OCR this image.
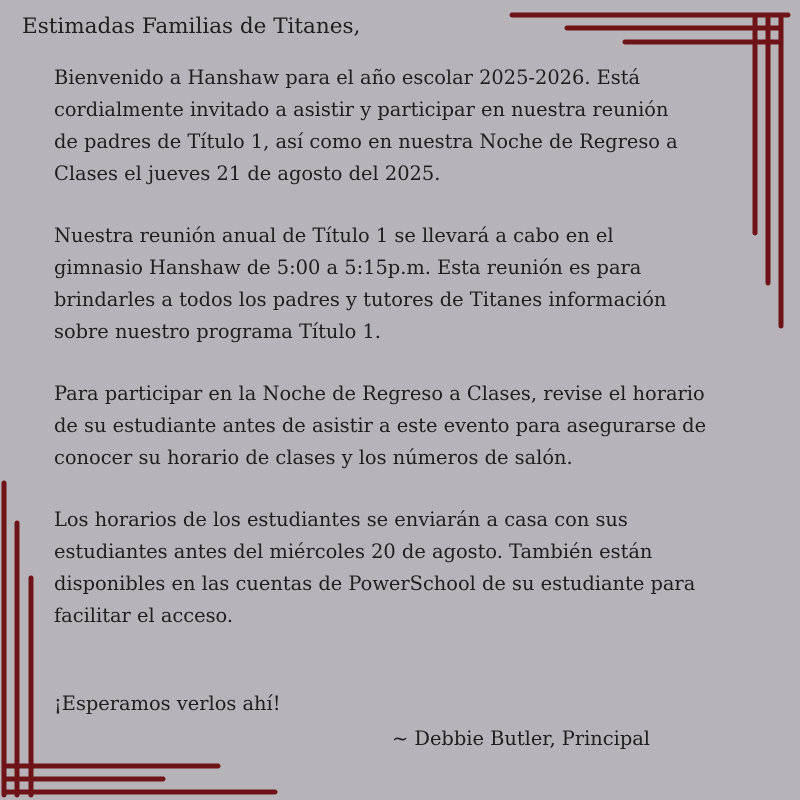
Estimadas Familias de Titanes,

Bienvenido a Hanshaw para el año escolar 2025-2026. Está
cordialmente invitado a asistir y participar en nuestra reunión
de padres de Título 1, así como en nuestra Noche de Regreso a
Clases el jueves 21 de agosto del 2025.

Nuestra reunión anual de Título 1 se llevará a cabo en el
gimnasio Hanshaw de 5:00 a 5:15p.m. Esta reunión es para
brindarles a todos los padres y tutores de Titanes información
sobre nuestro programa Título 1.

Para participar en la Noche de Regreso a Clases, revise el horario
de su estudiante antes de asistir a este evento para asegurarse de
conocer su horario de clases y los números de salón.

Los horarios de los estudiantes se enviarán a casa con sus
estudiantes antes del miércoles 20 de agosto. También están
disponibles en las cuentas de PowerSchool de su estudiante para
facilitar el acceso.

¡Esperamos verlos ahí!

~ Debbie Butler, Principal
